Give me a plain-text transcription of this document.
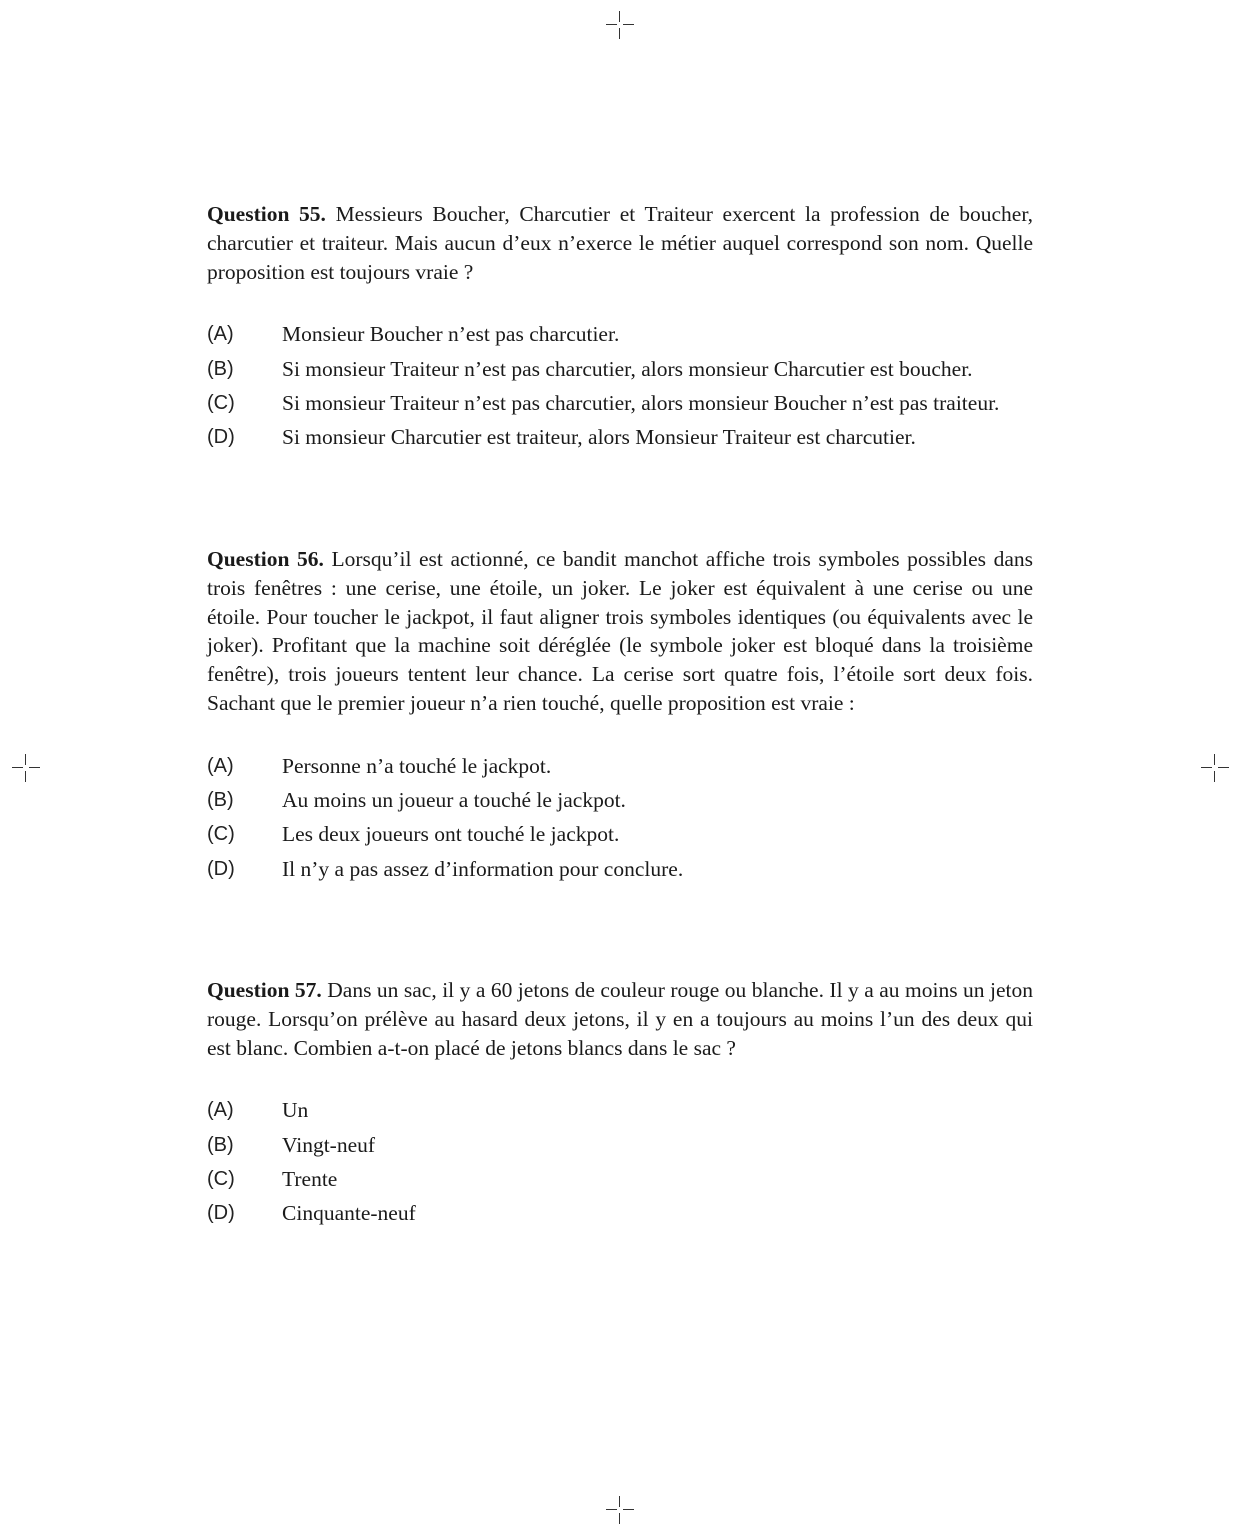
Question 55. Messieurs Boucher, Charcutier et Traiteur exercent la profession de boucher, charcutier et traiteur. Mais aucun d’eux n’exerce le métier auquel correspond son nom. Quelle proposition est toujours vraie ?

(A) Monsieur Boucher n’est pas charcutier.
(B) Si monsieur Traiteur n’est pas charcutier, alors monsieur Charcutier est boucher.
(C) Si monsieur Traiteur n’est pas charcutier, alors monsieur Boucher n’est pas traiteur.
(D) Si monsieur Charcutier est traiteur, alors Monsieur Traiteur est charcutier.

Question 56. Lorsqu’il est actionné, ce bandit manchot affiche trois symboles possibles dans trois fenêtres : une cerise, une étoile, un joker. Le joker est équivalent à une cerise ou une étoile. Pour toucher le jackpot, il faut aligner trois symboles identiques (ou équivalents avec le joker). Profitant que la machine soit déréglée (le symbole joker est bloqué dans la troisième fenêtre), trois joueurs tentent leur chance. La cerise sort quatre fois, l’étoile sort deux fois. Sachant que le premier joueur n’a rien touché, quelle proposition est vraie :

(A) Personne n’a touché le jackpot.
(B) Au moins un joueur a touché le jackpot.
(C) Les deux joueurs ont touché le jackpot.
(D) Il n’y a pas assez d’information pour conclure.

Question 57. Dans un sac, il y a 60 jetons de couleur rouge ou blanche. Il y a au moins un jeton rouge. Lorsqu’on prélève au hasard deux jetons, il y en a toujours au moins l’un des deux qui est blanc. Combien a-t-on placé de jetons blancs dans le sac ?

(A) Un
(B) Vingt-neuf
(C) Trente
(D) Cinquante-neuf
